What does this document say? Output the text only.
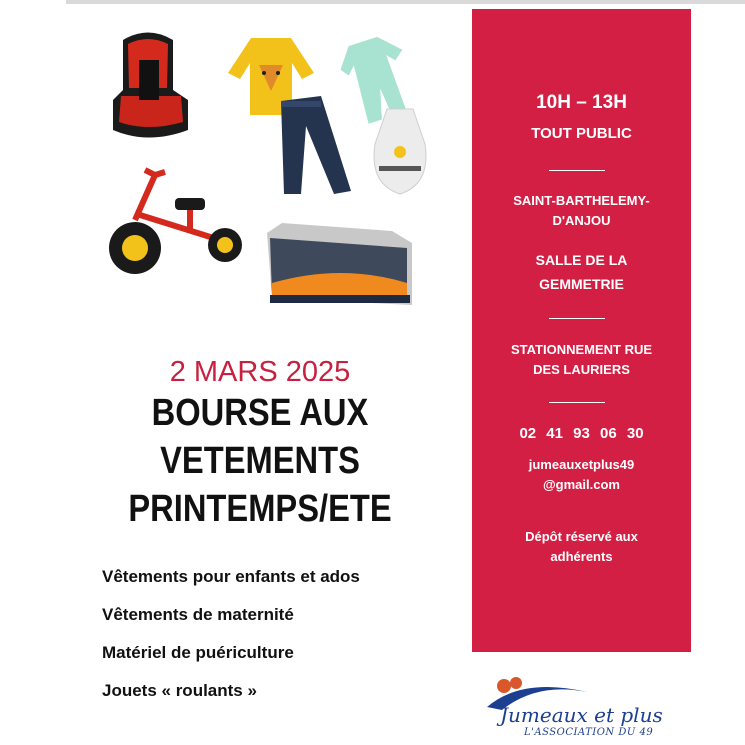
2 MARS 2025
BOURSE AUX
VETEMENTS
PRINTEMPS/ETE
Vêtements pour enfants et ados
Vêtements de maternité
Matériel de puériculture
Jouets « roulants »
10H – 13H
TOUT PUBLIC
SAINT-BARTHELEMY-
D'ANJOU
SALLE DE LA
GEMMETRIE
STATIONNEMENT RUE
DES LAURIERS
02 41 93 06 30
jumeauxetplus49
@gmail.com
Dépôt réservé aux
adhérents
Jumeaux et plus
L'ASSOCIATION DU 49
